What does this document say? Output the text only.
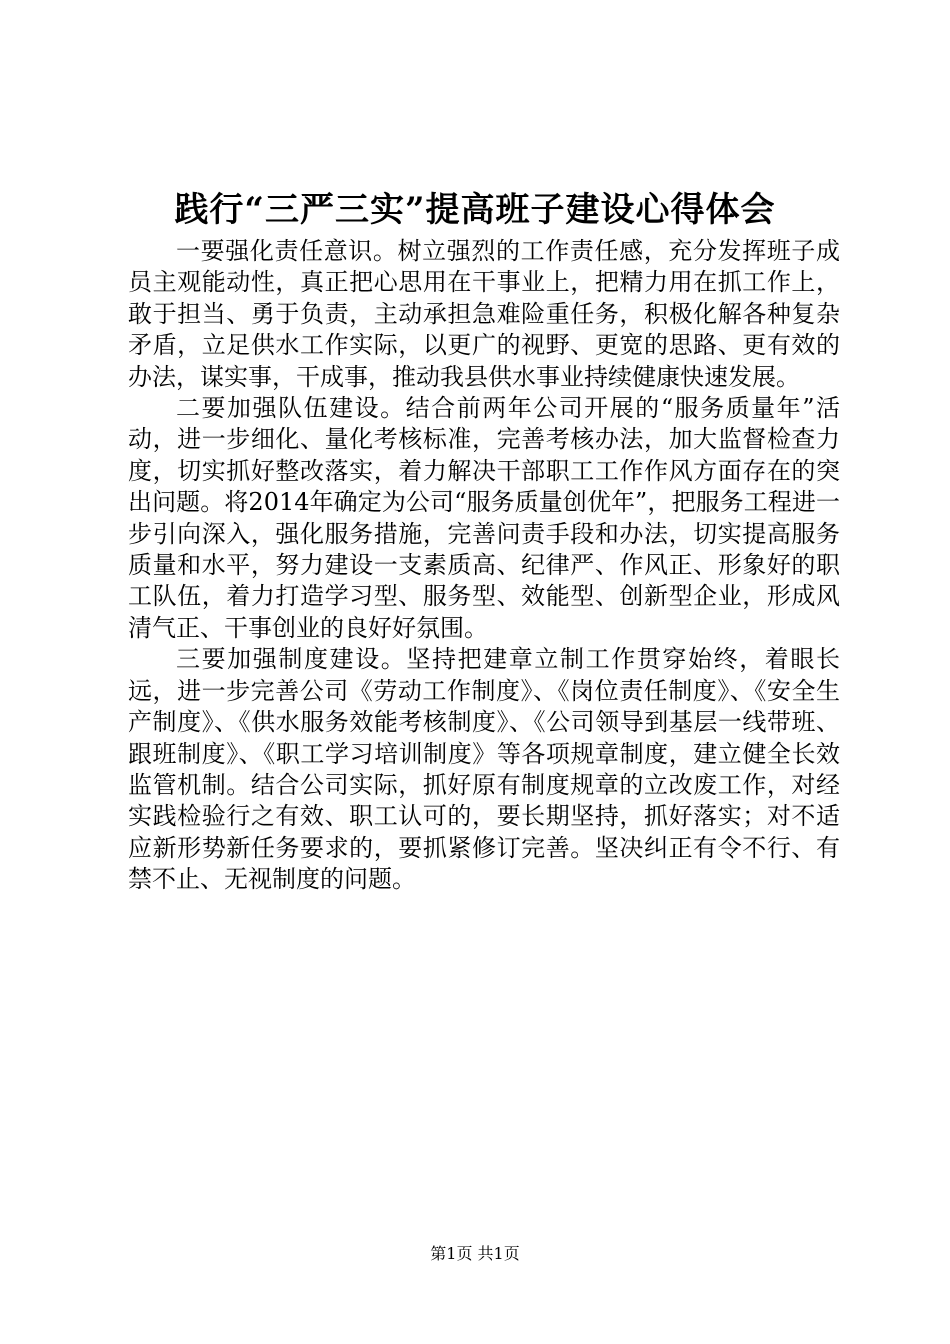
践行“三严三实”提高班子建设心得体会

一要强化责任意识。树立强烈的工作责任感，充分发挥班子成员主观能动性，真正把心思用在干事业上，把精力用在抓工作上，敢于担当、勇于负责，主动承担急难险重任务，积极化解各种复杂矛盾，立足供水工作实际，以更广的视野、更宽的思路、更有效的办法，谋实事，干成事，推动我县供水事业持续健康快速发展。

二要加强队伍建设。结合前两年公司开展的“服务质量年”活动，进一步细化、量化考核标准，完善考核办法，加大监督检查力度，切实抓好整改落实，着力解决干部职工工作作风方面存在的突出问题。将2014年确定为公司“服务质量创优年”，把服务工程进一步引向深入，强化服务措施，完善问责手段和办法，切实提高服务质量和水平，努力建设一支素质高、纪律严、作风正、形象好的职工队伍，着力打造学习型、服务型、效能型、创新型企业，形成风清气正、干事创业的良好好氛围。

三要加强制度建设。坚持把建章立制工作贯穿始终，着眼长远，进一步完善公司《劳动工作制度》、《岗位责任制度》、《安全生产制度》、《供水服务效能考核制度》、《公司领导到基层一线带班、跟班制度》、《职工学习培训制度》等各项规章制度，建立健全长效监管机制。结合公司实际，抓好原有制度规章的立改废工作，对经实践检验行之有效、职工认可的，要长期坚持，抓好落实；对不适应新形势新任务要求的，要抓紧修订完善。坚决纠正有令不行、有禁不止、无视制度的问题。

第1页 共1页
